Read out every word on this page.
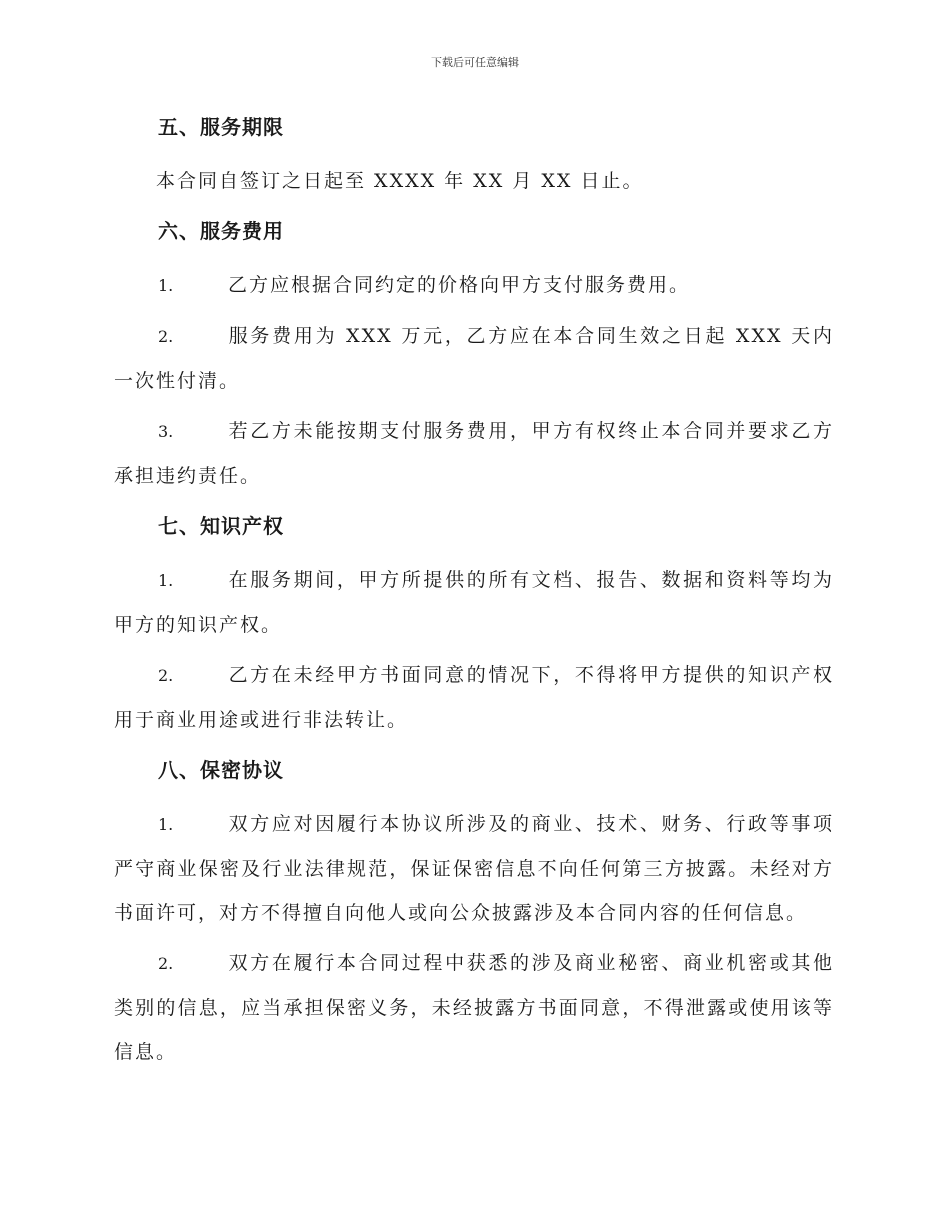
下载后可任意编辑
五、服务期限

本合同自签订之日起至 XXXX 年 XX 月 XX 日止。

六、服务费用

1.	乙方应根据合同约定的价格向甲方支付服务费用。

2.	服务费用为 XXX 万元，乙方应在本合同生效之日起 XXX 天内一次性付清。

3.	若乙方未能按期支付服务费用，甲方有权终止本合同并要求乙方承担违约责任。

七、知识产权

1.	在服务期间，甲方所提供的所有文档、报告、数据和资料等均为甲方的知识产权。

2.	乙方在未经甲方书面同意的情况下，不得将甲方提供的知识产权用于商业用途或进行非法转让。

八、保密协议

1.	双方应对因履行本协议所涉及的商业、技术、财务、行政等事项严守商业保密及行业法律规范，保证保密信息不向任何第三方披露。未经对方书面许可，对方不得擅自向他人或向公众披露涉及本合同内容的任何信息。

2.	双方在履行本合同过程中获悉的涉及商业秘密、商业机密或其他类别的信息，应当承担保密义务，未经披露方书面同意，不得泄露或使用该等信息。
